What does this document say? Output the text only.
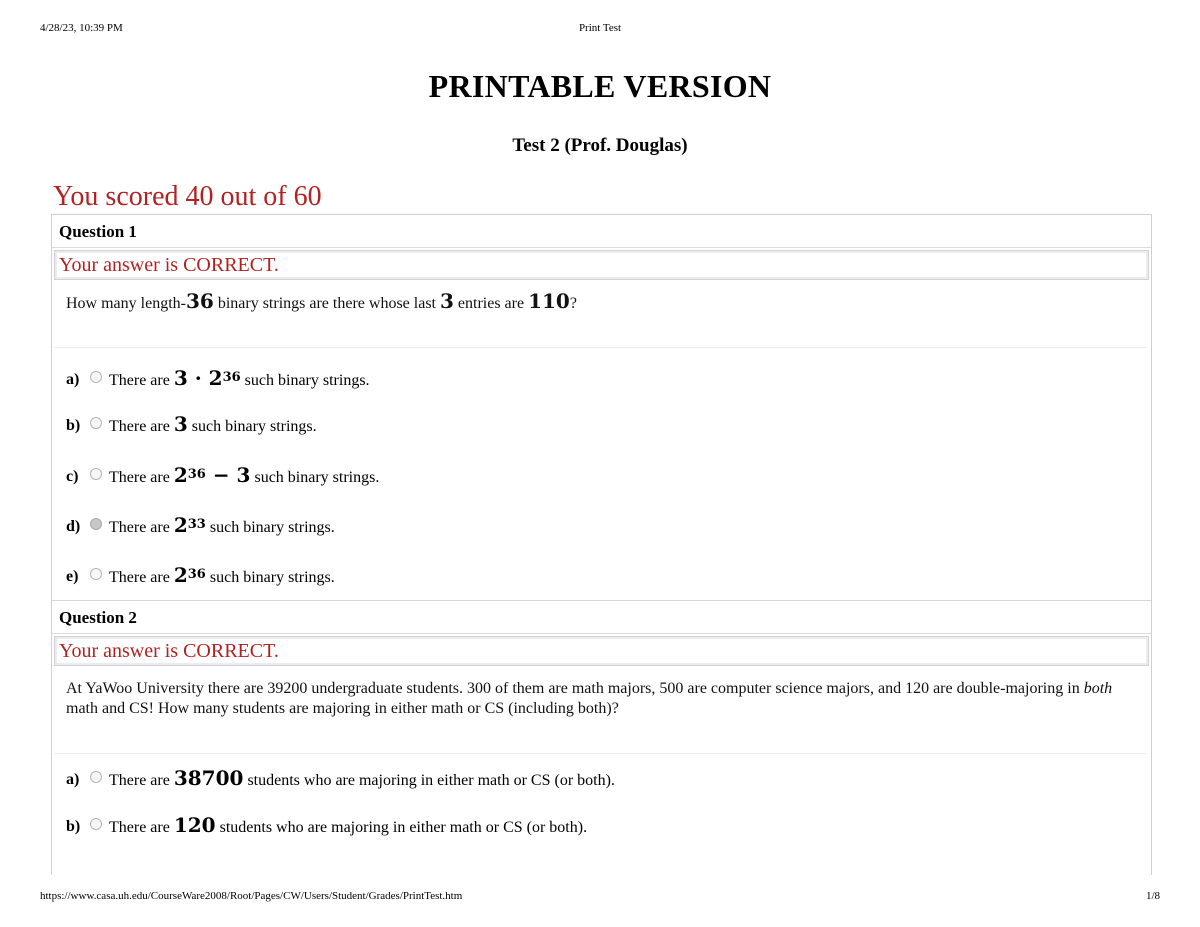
4/28/23, 10:39 PM	Print Test
PRINTABLE VERSION
Test 2 (Prof. Douglas)
You scored 40 out of 60
Question 1
Your answer is CORRECT.
How many length-36 binary strings are there whose last 3 entries are 110?
a) There are $3 \cdot 2^{36}$ such binary strings.
b) There are 3 such binary strings.
c) There are $2^{36} - 3$ such binary strings.
d) There are $2^{33}$ such binary strings.
e) There are $2^{36}$ such binary strings.
Question 2
Your answer is CORRECT.
At YaWoo University there are 39200 undergraduate students. 300 of them are math majors, 500 are computer science majors, and 120 are double-majoring in both math and CS! How many students are majoring in either math or CS (including both)?
a) There are 38700 students who are majoring in either math or CS (or both).
b) There are 120 students who are majoring in either math or CS (or both).
https://www.casa.uh.edu/CourseWare2008/Root/Pages/CW/Users/Student/Grades/PrintTest.htm	1/8
